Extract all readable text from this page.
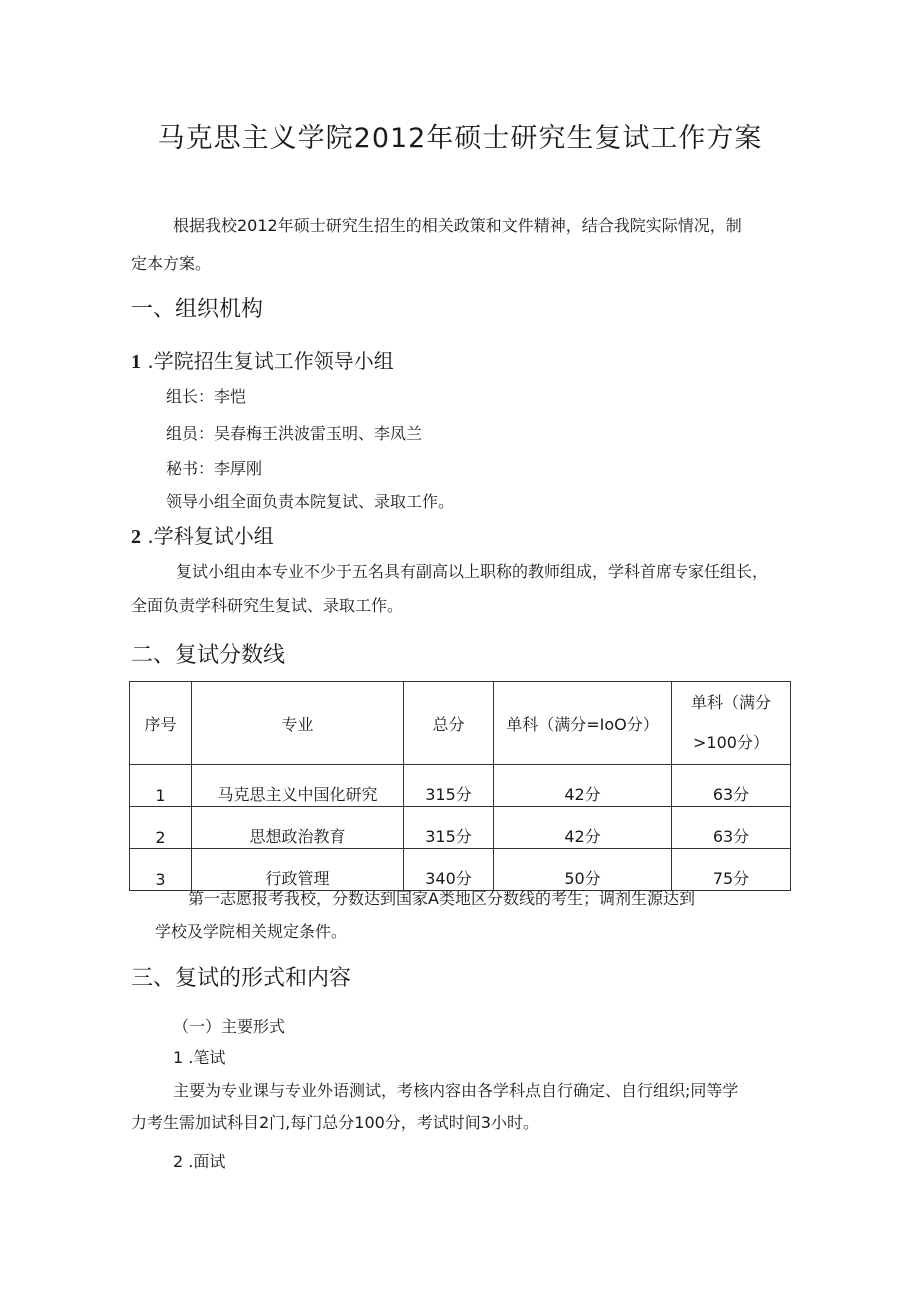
马克思主义学院2012年硕士研究生复试工作方案
根据我校2012年硕士研究生招生的相关政策和文件精神，结合我院实际情况，制
定本方案。
一、组织机构
1 .学院招生复试工作领导小组
组长：李恺
组员：吴春梅王洪波雷玉明、李凤兰
秘书：李厚刚
领导小组全面负责本院复试、录取工作。
2 .学科复试小组
复试小组由本专业不少于五名具有副高以上职称的教师组成，学科首席专家任组长，
全面负责学科研究生复试、录取工作。
二、复试分数线
序号	专业	总分	单科（满分=IoO分）	单科（满分
>100分）

1	马克思主义中国化研究	315分	42分	63分
2	思想政治教育	315分	42分	63分
3	行政管理	340分	50分	75分
第一志愿报考我校，分数达到国家A类地区分数线的考生；调剂生源达到
学校及学院相关规定条件。
三、复试的形式和内容
（一）主要形式
1 .笔试
主要为专业课与专业外语测试，考核内容由各学科点自行确定、自行组织;同等学
力考生需加试科目2门,每门总分100分，考试时间3小时。
2 .面试
